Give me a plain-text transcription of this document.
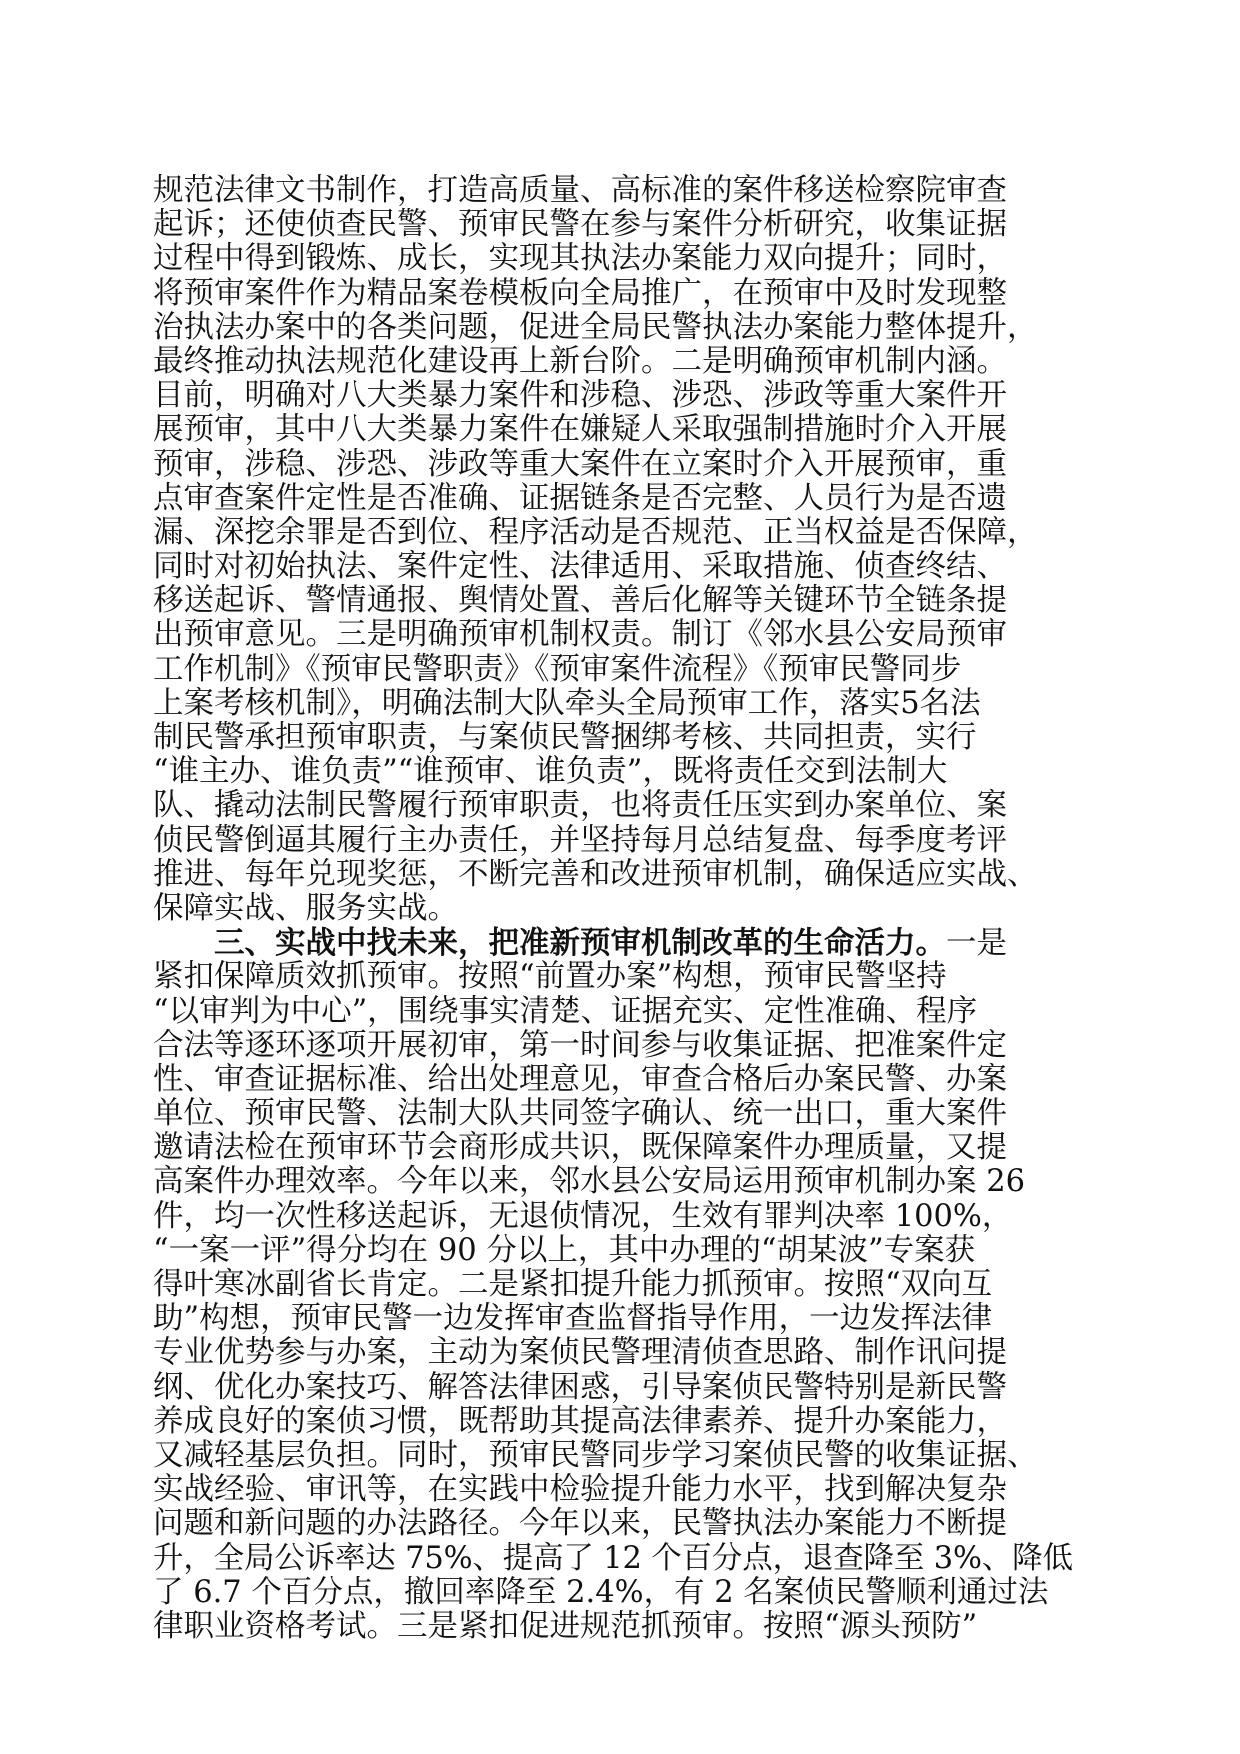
规范法律文书制作，打造高质量、高标准的案件移送检察院审查
起诉；还使侦查民警、预审民警在参与案件分析研究，收集证据
过程中得到锻炼、成长，实现其执法办案能力双向提升；同时，
将预审案件作为精品案卷模板向全局推广，在预审中及时发现整
治执法办案中的各类问题，促进全局民警执法办案能力整体提升，
最终推动执法规范化建设再上新台阶。二是明确预审机制内涵。
目前，明确对八大类暴力案件和涉稳、涉恐、涉政等重大案件开
展预审，其中八大类暴力案件在嫌疑人采取强制措施时介入开展
预审，涉稳、涉恐、涉政等重大案件在立案时介入开展预审，重
点审查案件定性是否准确、证据链条是否完整、人员行为是否遗
漏、深挖余罪是否到位、程序活动是否规范、正当权益是否保障，
同时对初始执法、案件定性、法律适用、采取措施、侦查终结、
移送起诉、警情通报、舆情处置、善后化解等关键环节全链条提
出预审意见。三是明确预审机制权责。制订《邻水县公安局预审
工作机制》《预审民警职责》《预审案件流程》《预审民警同步
上案考核机制》，明确法制大队牵头全局预审工作，落实5名法
制民警承担预审职责，与案侦民警捆绑考核、共同担责，实行
“谁主办、谁负责”“谁预审、谁负责”，既将责任交到法制大
队、撬动法制民警履行预审职责，也将责任压实到办案单位、案
侦民警倒逼其履行主办责任，并坚持每月总结复盘、每季度考评
推进、每年兑现奖惩，不断完善和改进预审机制，确保适应实战、
保障实战、服务实战。
三、实战中找未来，把准新预审机制改革的生命活力。一是
紧扣保障质效抓预审。按照“前置办案”构想，预审民警坚持
“以审判为中心”，围绕事实清楚、证据充实、定性准确、程序
合法等逐环逐项开展初审，第一时间参与收集证据、把准案件定
性、审查证据标准、给出处理意见，审查合格后办案民警、办案
单位、预审民警、法制大队共同签字确认、统一出口，重大案件
邀请法检在预审环节会商形成共识，既保障案件办理质量，又提
高案件办理效率。今年以来，邻水县公安局运用预审机制办案 26
件，均一次性移送起诉，无退侦情况，生效有罪判决率 100%，
“一案一评”得分均在 90 分以上，其中办理的“胡某波”专案获
得叶寒冰副省长肯定。二是紧扣提升能力抓预审。按照“双向互
助”构想，预审民警一边发挥审查监督指导作用，一边发挥法律
专业优势参与办案，主动为案侦民警理清侦查思路、制作讯问提
纲、优化办案技巧、解答法律困惑，引导案侦民警特别是新民警
养成良好的案侦习惯，既帮助其提高法律素养、提升办案能力，
又减轻基层负担。同时，预审民警同步学习案侦民警的收集证据、
实战经验、审讯等，在实践中检验提升能力水平，找到解决复杂
问题和新问题的办法路径。今年以来，民警执法办案能力不断提
升，全局公诉率达 75%、提高了 12 个百分点，退查降至 3%、降低
了 6.7 个百分点，撤回率降至 2.4%，有 2 名案侦民警顺利通过法
律职业资格考试。三是紧扣促进规范抓预审。按照“源头预防”
